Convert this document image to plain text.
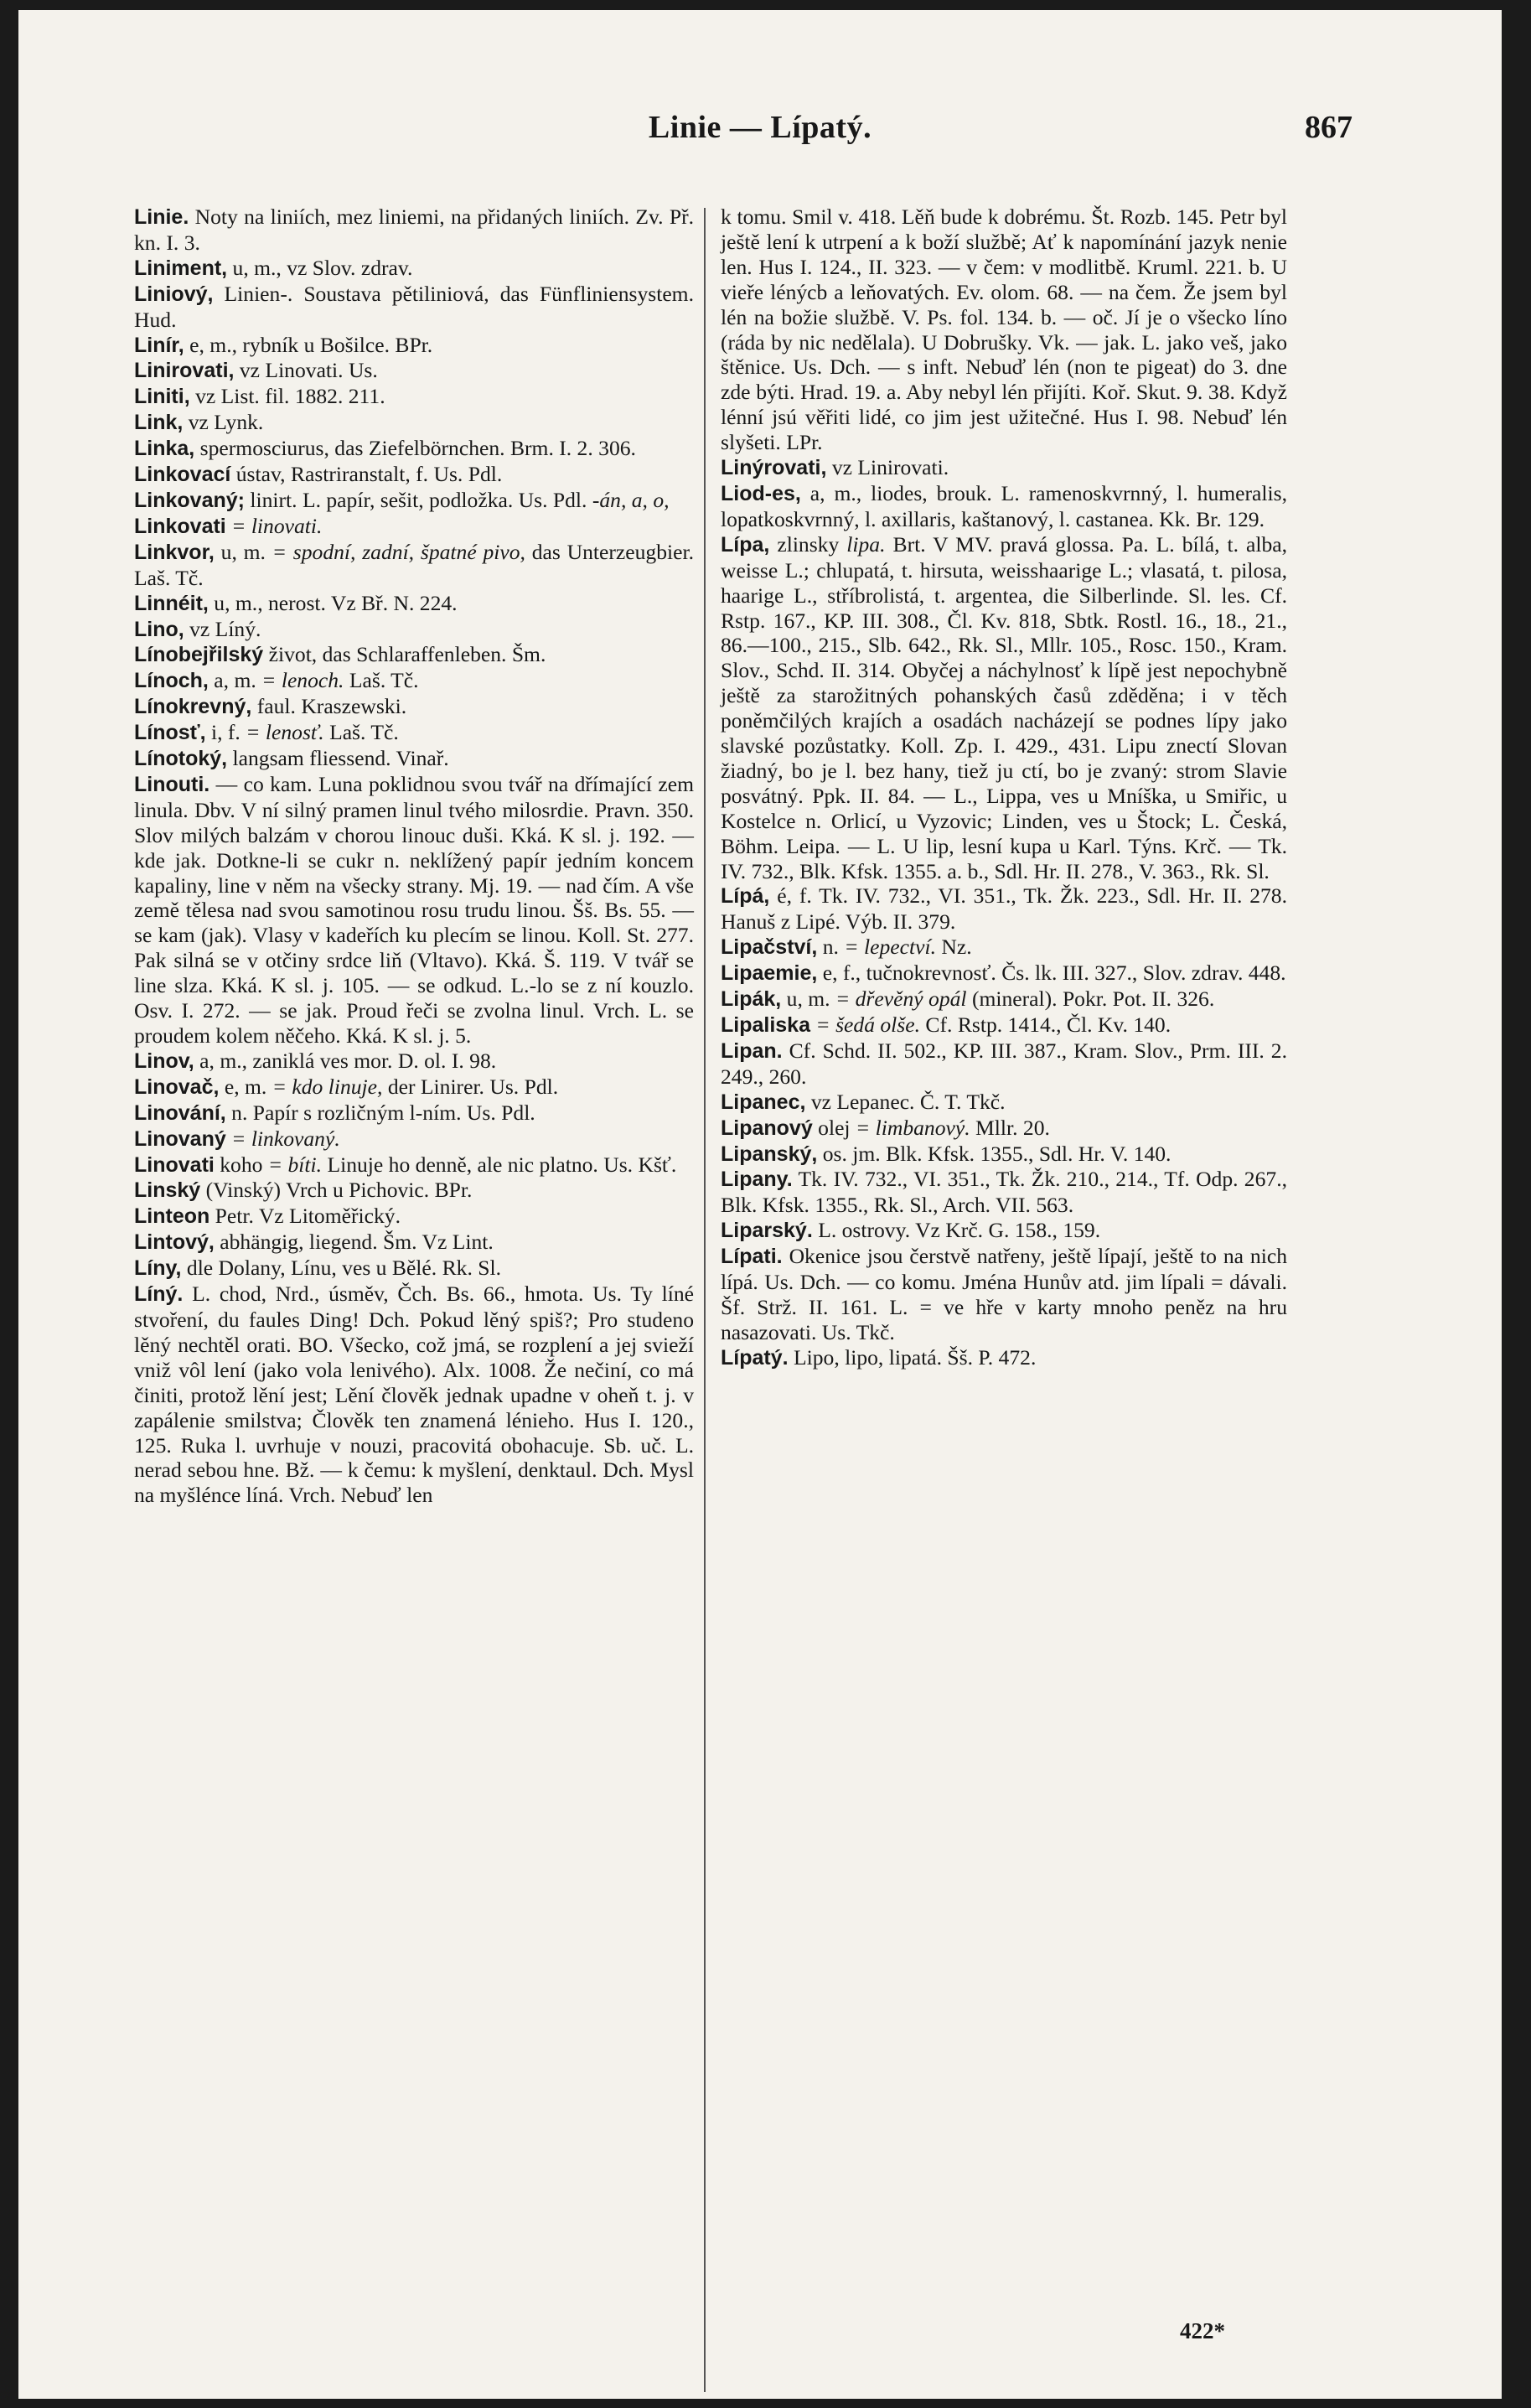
Linie — Lípatý.	867

Linie. Noty na liniích, mez liniemi, na přidaných liniích. Zv. Př. kn. I. 3.

Liniment, u, m., vz Slov. zdrav.

Liniový, Linien-. Soustava pětiliniová, das Fünfliniensystem. Hud.

Linír, e, m., rybník u Bošilce. BPr.

Linirovati, vz Linovati. Us.

Liniti, vz List. fil. 1882. 211.

Link, vz Lynk.

Linka, spermosciurus, das Ziefelbörnchen. Brm. I. 2. 306.

Linkovací ústav, Rastriranstalt, f. Us. Pdl.

Linkovaný; linirt. L. papír, sešit, podložka. Us. Pdl. -án, a, o,

Linkovati = linovati.

Linkvor, u, m. = spodní, zadní, špatné pivo, das Unterzeugbier. Laš. Tč.

Linnéit, u, m., nerost. Vz Bř. N. 224.

Lino, vz Líný.

Línobejřilský život, das Schlaraffenleben. Šm.

Línoch, a, m. = lenoch. Laš. Tč.

Línokrevný, faul. Kraszewski.

Línosť, i, f. = lenosť. Laš. Tč.

Línotoký, langsam fliessend. Vinař.

Linouti. — co kam. Luna poklidnou svou tvář na dřímající zem linula. Dbv. V ní silný pramen linul tvého milosrdie. Pravn. 350. Slov milých balzám v chorou linouc duši. Kká. K sl. j. 192. — kde jak. Dotkne-li se cukr n. neklížený papír jedním koncem kapaliny, line v něm na všecky strany. Mj. 19. — nad čím. A vše země tělesa nad svou samotinou rosu trudu linou. Šš. Bs. 55. — se kam (jak). Vlasy v kadeřích ku plecím se linou. Koll. St. 277. Pak silná se v otčiny srdce liň (Vltavo). Kká. Š. 119. V tvář se line slza. Kká. K sl. j. 105. — se odkud. L.-lo se z ní kouzlo. Osv. I. 272. — se jak. Proud řeči se zvolna linul. Vrch. L. se proudem kolem něčeho. Kká. K sl. j. 5.

Linov, a, m., zaniklá ves mor. D. ol. I. 98.

Linovač, e, m. = kdo linuje, der Linirer. Us. Pdl.

Linování, n. Papír s rozličným l-ním. Us. Pdl.

Linovaný = linkovaný.

Linovati koho = bíti. Linuje ho denně, ale nic platno. Us. Kšť.

Linský (Vinský) Vrch u Pichovic. BPr.

Linteon Petr. Vz Litoměřický.

Lintový, abhängig, liegend. Šm. Vz Lint.

Líny, dle Dolany, Línu, ves u Bělé. Rk. Sl.

Líný. L. chod, Nrd., úsměv, Čch. Bs. 66., hmota. Us. Ty líné stvoření, du faules Ding! Dch. Pokud lěný spiš?; Pro studeno lěný nechtěl orati. BO. Všecko, což jmá, se rozplení a jej svieží vniž vôl lení (jako vola lenivého). Alx. 1008. Že nečiní, co má činiti, protož lění jest; Lění člověk jednak upadne v oheň t. j. v zapálenie smilstva; Člověk ten znamená lénieho. Hus I. 120., 125. Ruka l. uvrhuje v nouzi, pracovitá obohacuje. Sb. uč. L. nerad sebou hne. Bž. — k čemu: k myšlení, denktaul. Dch. Mysl na myšlénce líná. Vrch. Nebuď len

k tomu. Smil v. 418. Lěň bude k dobrému. Št. Rozb. 145. Petr byl ještě lení k utrpení a k boží službě; Ať k napomínání jazyk nenie len. Hus I. 124., II. 323. — v čem: v modlitbě. Kruml. 221. b. U vieře lénýcb a leňovatých. Ev. olom. 68. — na čem. Že jsem byl lén na božie službě. V. Ps. fol. 134. b. — oč. Jí je o všecko líno (ráda by nic nedělala). U Dobrušky. Vk. — jak. L. jako veš, jako štěnice. Us. Dch. — s inft. Nebuď lén (non te pigeat) do 3. dne zde býti. Hrad. 19. a. Aby nebyl lén přijíti. Koř. Skut. 9. 38. Když lénní jsú věřiti lidé, co jim jest užitečné. Hus I. 98. Nebuď lén slyšeti. LPr.

Linýrovati, vz Linirovati.

Liod-es, a, m., liodes, brouk. L. ramenoskvrnný, l. humeralis, lopatkoskvrnný, l. axillaris, kaštanový, l. castanea. Kk. Br. 129.

Lípa, zlinsky lipa. Brt. V MV. pravá glossa. Pa. L. bílá, t. alba, weisse L.; chlupatá, t. hirsuta, weisshaarige L.; vlasatá, t. pilosa, haarige L., stříbrolistá, t. argentea, die Silberlinde. Sl. les. Cf. Rstp. 167., KP. III. 308., Čl. Kv. 818, Sbtk. Rostl. 16., 18., 21., 86.—100., 215., Slb. 642., Rk. Sl., Mllr. 105., Rosc. 150., Kram. Slov., Schd. II. 314. Obyčej a náchylnosť k lípě jest nepochybně ještě za starožitných pohanských časů zděděna; i v těch poněmčilých krajích a osadách nacházejí se podnes lípy jako slavské pozůstatky. Koll. Zp. I. 429., 431. Lipu znectí Slovan žiadný, bo je l. bez hany, tiež ju ctí, bo je zvaný: strom Slavie posvátný. Ppk. II. 84. — L., Lippa, ves u Mníška, u Smiřic, u Kostelce n. Orlicí, u Vyzovic; Linden, ves u Štock; L. Česká, Böhm. Leipa. — L. U lip, lesní kupa u Karl. Týns. Krč. — Tk. IV. 732., Blk. Kfsk. 1355. a. b., Sdl. Hr. II. 278., V. 363., Rk. Sl.

Lípá, é, f. Tk. IV. 732., VI. 351., Tk. Žk. 223., Sdl. Hr. II. 278. Hanuš z Lipé. Výb. II. 379.

Lipačství, n. = lepectví. Nz.

Lipaemie, e, f., tučnokrevnosť. Čs. lk. III. 327., Slov. zdrav. 448.

Lipák, u, m. = dřevěný opál (mineral). Pokr. Pot. II. 326.

Lipaliska = šedá olše. Cf. Rstp. 1414., Čl. Kv. 140.

Lipan. Cf. Schd. II. 502., KP. III. 387., Kram. Slov., Prm. III. 2. 249., 260.

Lipanec, vz Lepanec. Č. T. Tkč.

Lipanový olej = limbanový. Mllr. 20.

Lipanský, os. jm. Blk. Kfsk. 1355., Sdl. Hr. V. 140.

Lipany. Tk. IV. 732., VI. 351., Tk. Žk. 210., 214., Tf. Odp. 267., Blk. Kfsk. 1355., Rk. Sl., Arch. VII. 563.

Liparský. L. ostrovy. Vz Krč. G. 158., 159.

Lípati. Okenice jsou čerstvě natřeny, ještě lípají, ještě to na nich lípá. Us. Dch. — co komu. Jména Hunův atd. jim lípali = dávali. Šf. Strž. II. 161. L. = ve hře v karty mnoho peněz na hru nasazovati. Us. Tkč.

Lípatý. Lipo, lipo, lipatá. Šš. P. 472.

422*
